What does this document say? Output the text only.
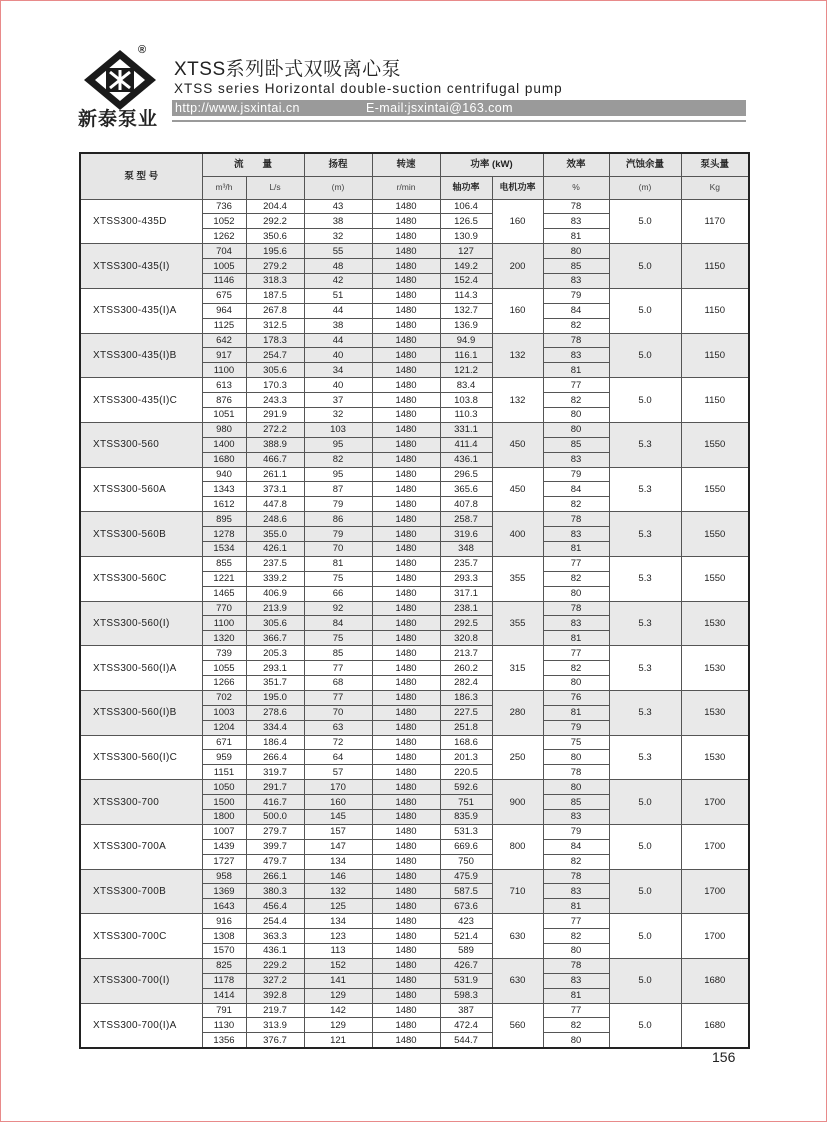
®
新泰泵业
XTSS系列卧式双吸离心泵
XTSS series Horizontal double-suction centrifugal pump
http://www.jsxintai.cn	E-mail:jsxintai@163.com
泵 型 号	流　　量		扬程	转速	功率 (kW)		效率	汽蚀余量	泵头量
	m³/h	L/s	(m)	r/min	轴功率	电机功率	%	(m)	Kg
XTSS300-435D	736	204.4	43	1480	106.4	160	78	5.0	1170
	1052	292.2	38	1480	126.5		83		
	1262	350.6	32	1480	130.9		81		
XTSS300-435(Ⅰ)	704	195.6	55	1480	127	200	80	5.0	1150
	1005	279.2	48	1480	149.2		85		
	1146	318.3	42	1480	152.4		83		
XTSS300-435(Ⅰ)A	675	187.5	51	1480	114.3	160	79	5.0	1150
	964	267.8	44	1480	132.7		84		
	1125	312.5	38	1480	136.9		82		
XTSS300-435(Ⅰ)B	642	178.3	44	1480	94.9	132	78	5.0	1150
	917	254.7	40	1480	116.1		83		
	1100	305.6	34	1480	121.2		81		
XTSS300-435(Ⅰ)C	613	170.3	40	1480	83.4	132	77	5.0	1150
	876	243.3	37	1480	103.8		82		
	1051	291.9	32	1480	110.3		80		
XTSS300-560	980	272.2	103	1480	331.1	450	80	5.3	1550
	1400	388.9	95	1480	411.4		85		
	1680	466.7	82	1480	436.1		83		
XTSS300-560A	940	261.1	95	1480	296.5	450	79	5.3	1550
	1343	373.1	87	1480	365.6		84		
	1612	447.8	79	1480	407.8		82		
XTSS300-560B	895	248.6	86	1480	258.7	400	78	5.3	1550
	1278	355.0	79	1480	319.6		83		
	1534	426.1	70	1480	348		81		
XTSS300-560C	855	237.5	81	1480	235.7	355	77	5.3	1550
	1221	339.2	75	1480	293.3		82		
	1465	406.9	66	1480	317.1		80		
XTSS300-560(Ⅰ)	770	213.9	92	1480	238.1	355	78	5.3	1530
	1100	305.6	84	1480	292.5		83		
	1320	366.7	75	1480	320.8		81		
XTSS300-560(Ⅰ)A	739	205.3	85	1480	213.7	315	77	5.3	1530
	1055	293.1	77	1480	260.2		82		
	1266	351.7	68	1480	282.4		80		
XTSS300-560(Ⅰ)B	702	195.0	77	1480	186.3	280	76	5.3	1530
	1003	278.6	70	1480	227.5		81		
	1204	334.4	63	1480	251.8		79		
XTSS300-560(Ⅰ)C	671	186.4	72	1480	168.6	250	75	5.3	1530
	959	266.4	64	1480	201.3		80		
	1151	319.7	57	1480	220.5		78		
XTSS300-700	1050	291.7	170	1480	592.6	900	80	5.0	1700
	1500	416.7	160	1480	751		85		
	1800	500.0	145	1480	835.9		83		
XTSS300-700A	1007	279.7	157	1480	531.3	800	79	5.0	1700
	1439	399.7	147	1480	669.6		84		
	1727	479.7	134	1480	750		82		
XTSS300-700B	958	266.1	146	1480	475.9	710	78	5.0	1700
	1369	380.3	132	1480	587.5		83		
	1643	456.4	125	1480	673.6		81		
XTSS300-700C	916	254.4	134	1480	423	630	77	5.0	1700
	1308	363.3	123	1480	521.4		82		
	1570	436.1	113	1480	589		80		
XTSS300-700(Ⅰ)	825	229.2	152	1480	426.7	630	78	5.0	1680
	1178	327.2	141	1480	531.9		83		
	1414	392.8	129	1480	598.3		81		
XTSS300-700(Ⅰ)A	791	219.7	142	1480	387	560	77	5.0	1680
	1130	313.9	129	1480	472.4		82		
	1356	376.7	121	1480	544.7		80		
156
